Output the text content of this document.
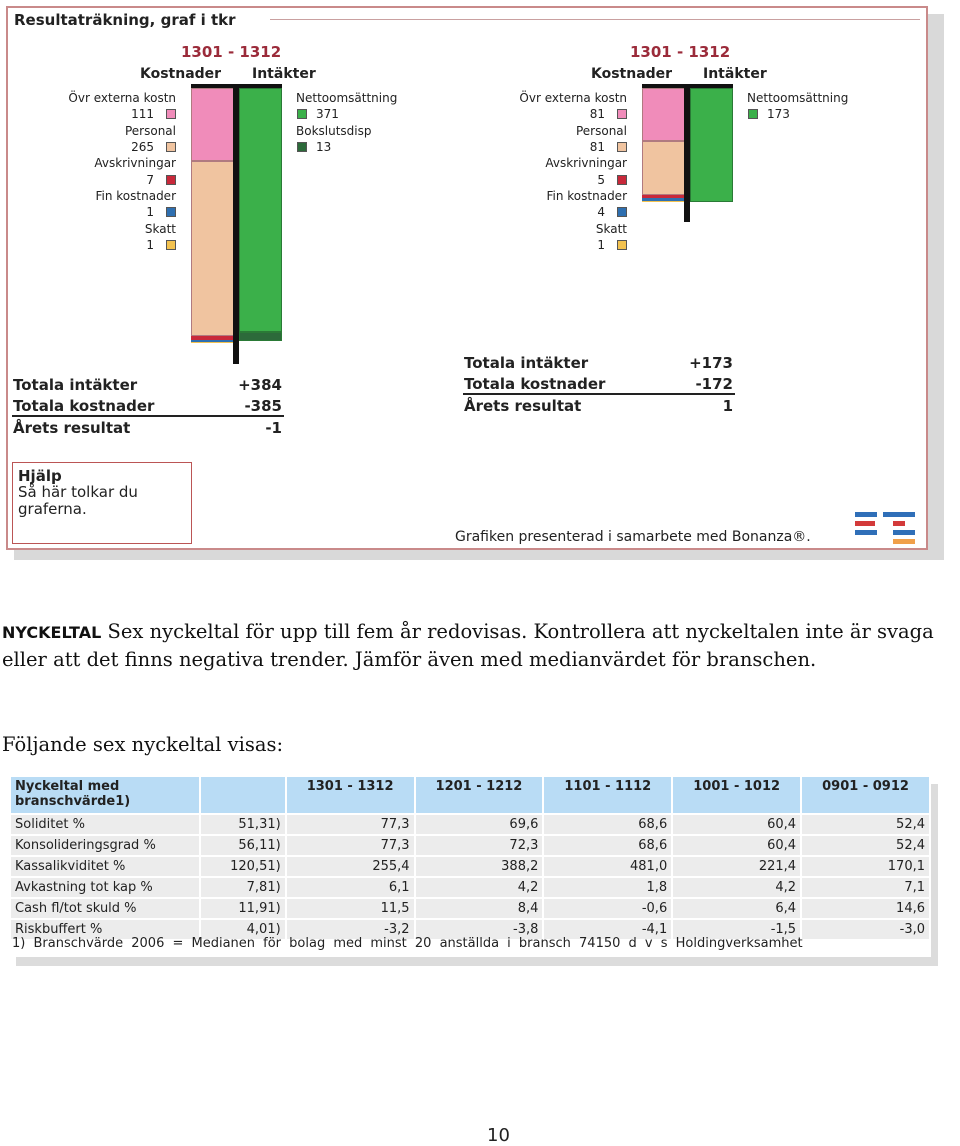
Resultaträkning, graf i tkr
1301 - 1312
Kostnader Intäkter
Övr externa kostn
111
Personal
265
Avskrivningar
7
Fin kostnader
1
Skatt
1
Nettoomsättning
371
Bokslutsdisp
13
Totala intäkter	+384
Totala kostnader	-385
Årets resultat	-1
1301 - 1312
Kostnader Intäkter
Övr externa kostn
81
Personal
81
Avskrivningar
5
Fin kostnader
4
Skatt
1
Nettoomsättning
173
Totala intäkter	+173
Totala kostnader	-172
Årets resultat	1
Hjälp
Så här tolkar du graferna.
Grafiken presenterad i samarbete med Bonanza®.
NYCKELTAL Sex nyckeltal för upp till fem år redovisas. Kontrollera att nyckeltalen inte är svaga eller att det finns negativa trender. Jämför även med medianvärdet för branschen.
Följande sex nyckeltal visas:
Nyckeltal med
branschvärde1)		1301 - 1312	1201 - 1212	1101 - 1112	1001 - 1012	0901 - 0912
Soliditet %	51,31)	77,3	69,6	68,6	60,4	52,4
Konsolideringsgrad %	56,11)	77,3	72,3	68,6	60,4	52,4
Kassalikviditet %	120,51)	255,4	388,2	481,0	221,4	170,1
Avkastning tot kap %	7,81)	6,1	4,2	1,8	4,2	7,1
Cash fl/tot skuld %	11,91)	11,5	8,4	-0,6	6,4	14,6
Riskbuffert %	4,01)	-3,2	-3,8	-4,1	-1,5	-3,0
1) Branschvärde 2006 = Medianen för bolag med minst 20 anställda i bransch 74150 d v s Holdingverksamhet
10
